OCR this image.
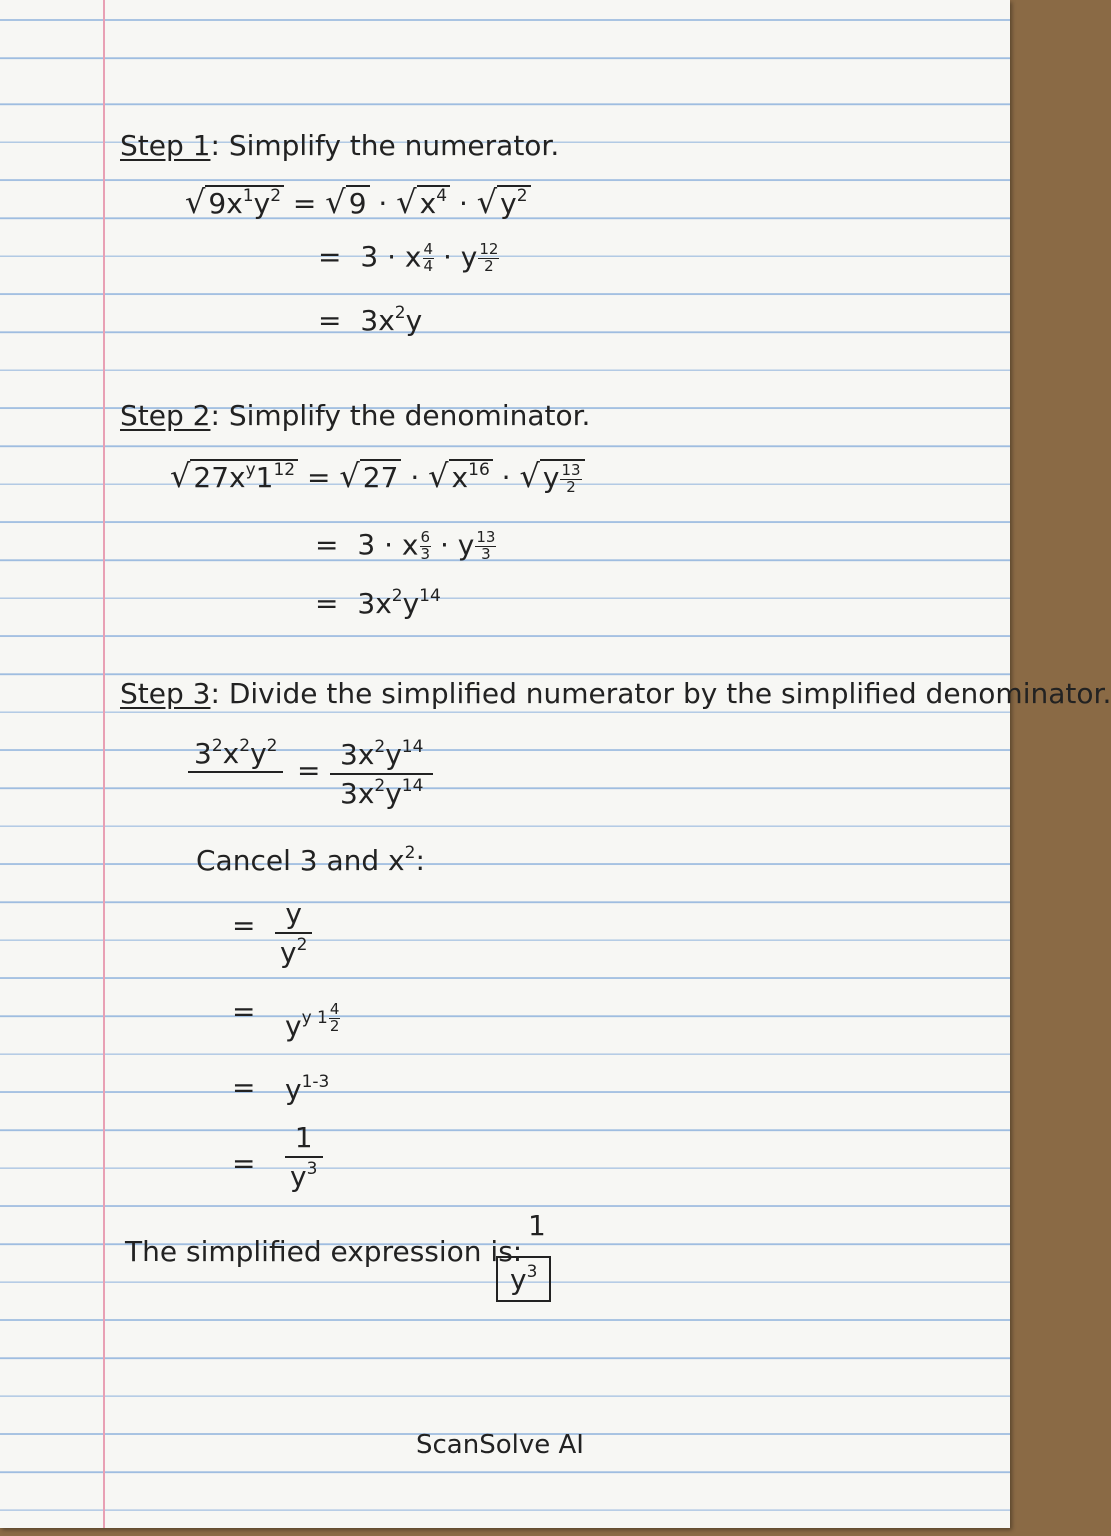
Step 1: Simplify the numerator.
√ $9x^1y^2$ = √ 9 · √ $x^4$ · √ $y^2$
= 3 · x $\frac{4}{4} \cdot y \frac{12}{2}$
= $3x^2y$
Step 2: Simplify the denominator.
√ $27x^y1^{12}$ = √ 27 · √ $x^{16}$ · √ y $\frac{13}{2}$
= 3 · x $\frac{6}{3} \cdot y \frac{13}{3}$
= $3x^2y^{14}$
Step 3: Divide the simplified numerator by the simplified denominator.
$3^2x^2y^2$
= $\frac{3x^2y^{14}}{3x^2y^{14}}$
Cancel 3 and $x^2$:
= $\frac{y}{y^2}$
= $y^{y 1 \frac{4}{2}}$
= $y^{1-3}$
= $\frac{1}{y^3}$
The simplified expression is:
1
$y^3$
ScanSolve AI
